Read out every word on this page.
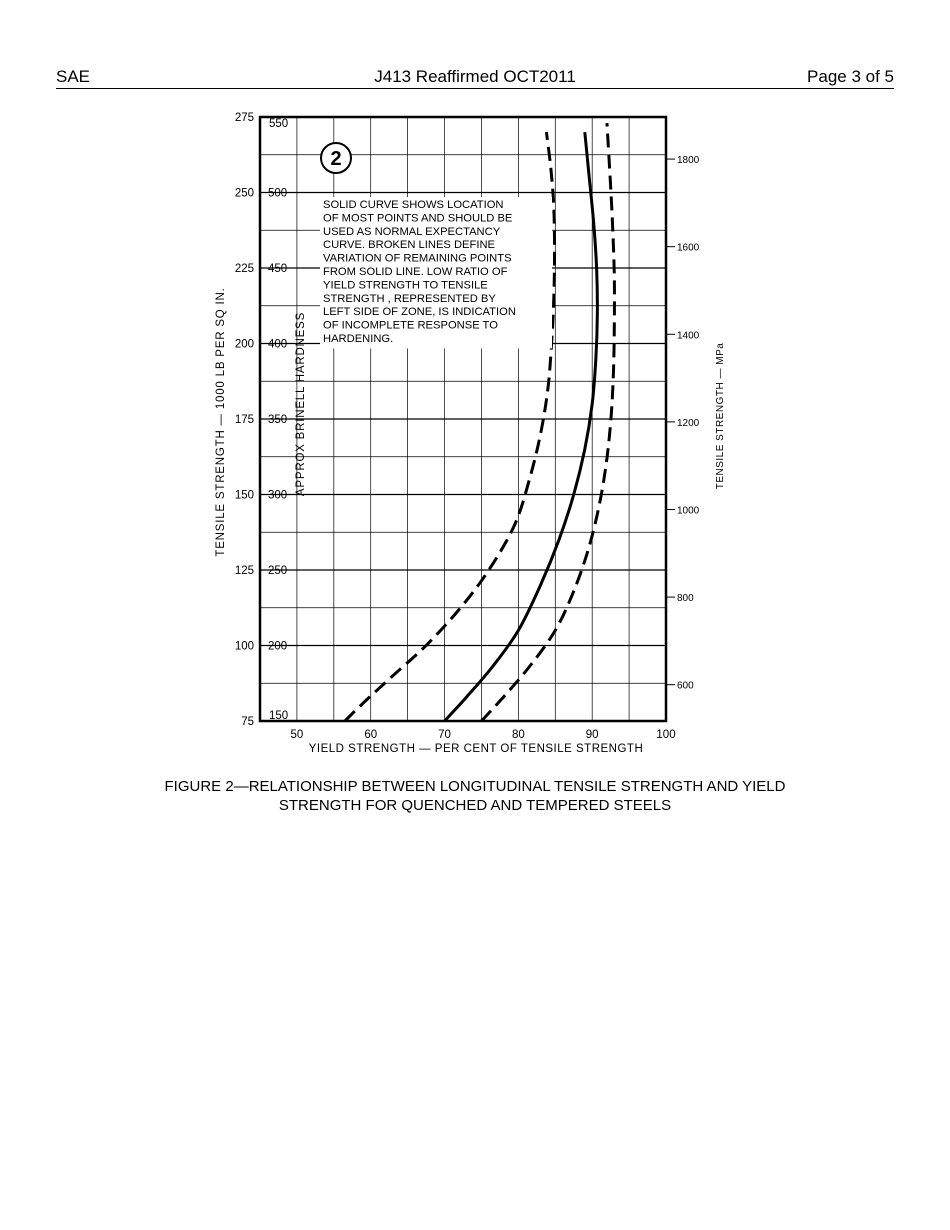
SAE	J413 Reaffirmed OCT2011	Page 3 of 5
50	60	70	80	90	100
75
100
125
150
175
200
225
250
275
600
800
1000
1200
1400
1600
1800
150
200
250
300
350
400
450
500
550
SOLID CURVE SHOWS LOCATION OF MOST POINTS AND SHOULD BE USED AS NORMAL EXPECTANCY CURVE. BROKEN LINES DEFINE VARIATION OF REMAINING POINTS FROM SOLID LINE. LOW RATIO OF YIELD STRENGTH TO TENSILE STRENGTH , REPRESENTED BY LEFT SIDE OF ZONE, IS INDICATION OF INCOMPLETE RESPONSE TO HARDENING.
2
YIELD STRENGTH — PER CENT OF TENSILE STRENGTH
TENSILE STRENGTH — 1000 LB PER SQ IN.	APPROX BRINELL HARDNESS	TENSILE STRENGTH — MPa
FIGURE 2—RELATIONSHIP BETWEEN LONGITUDINAL TENSILE STRENGTH AND YIELD
STRENGTH FOR QUENCHED AND TEMPERED STEELS
